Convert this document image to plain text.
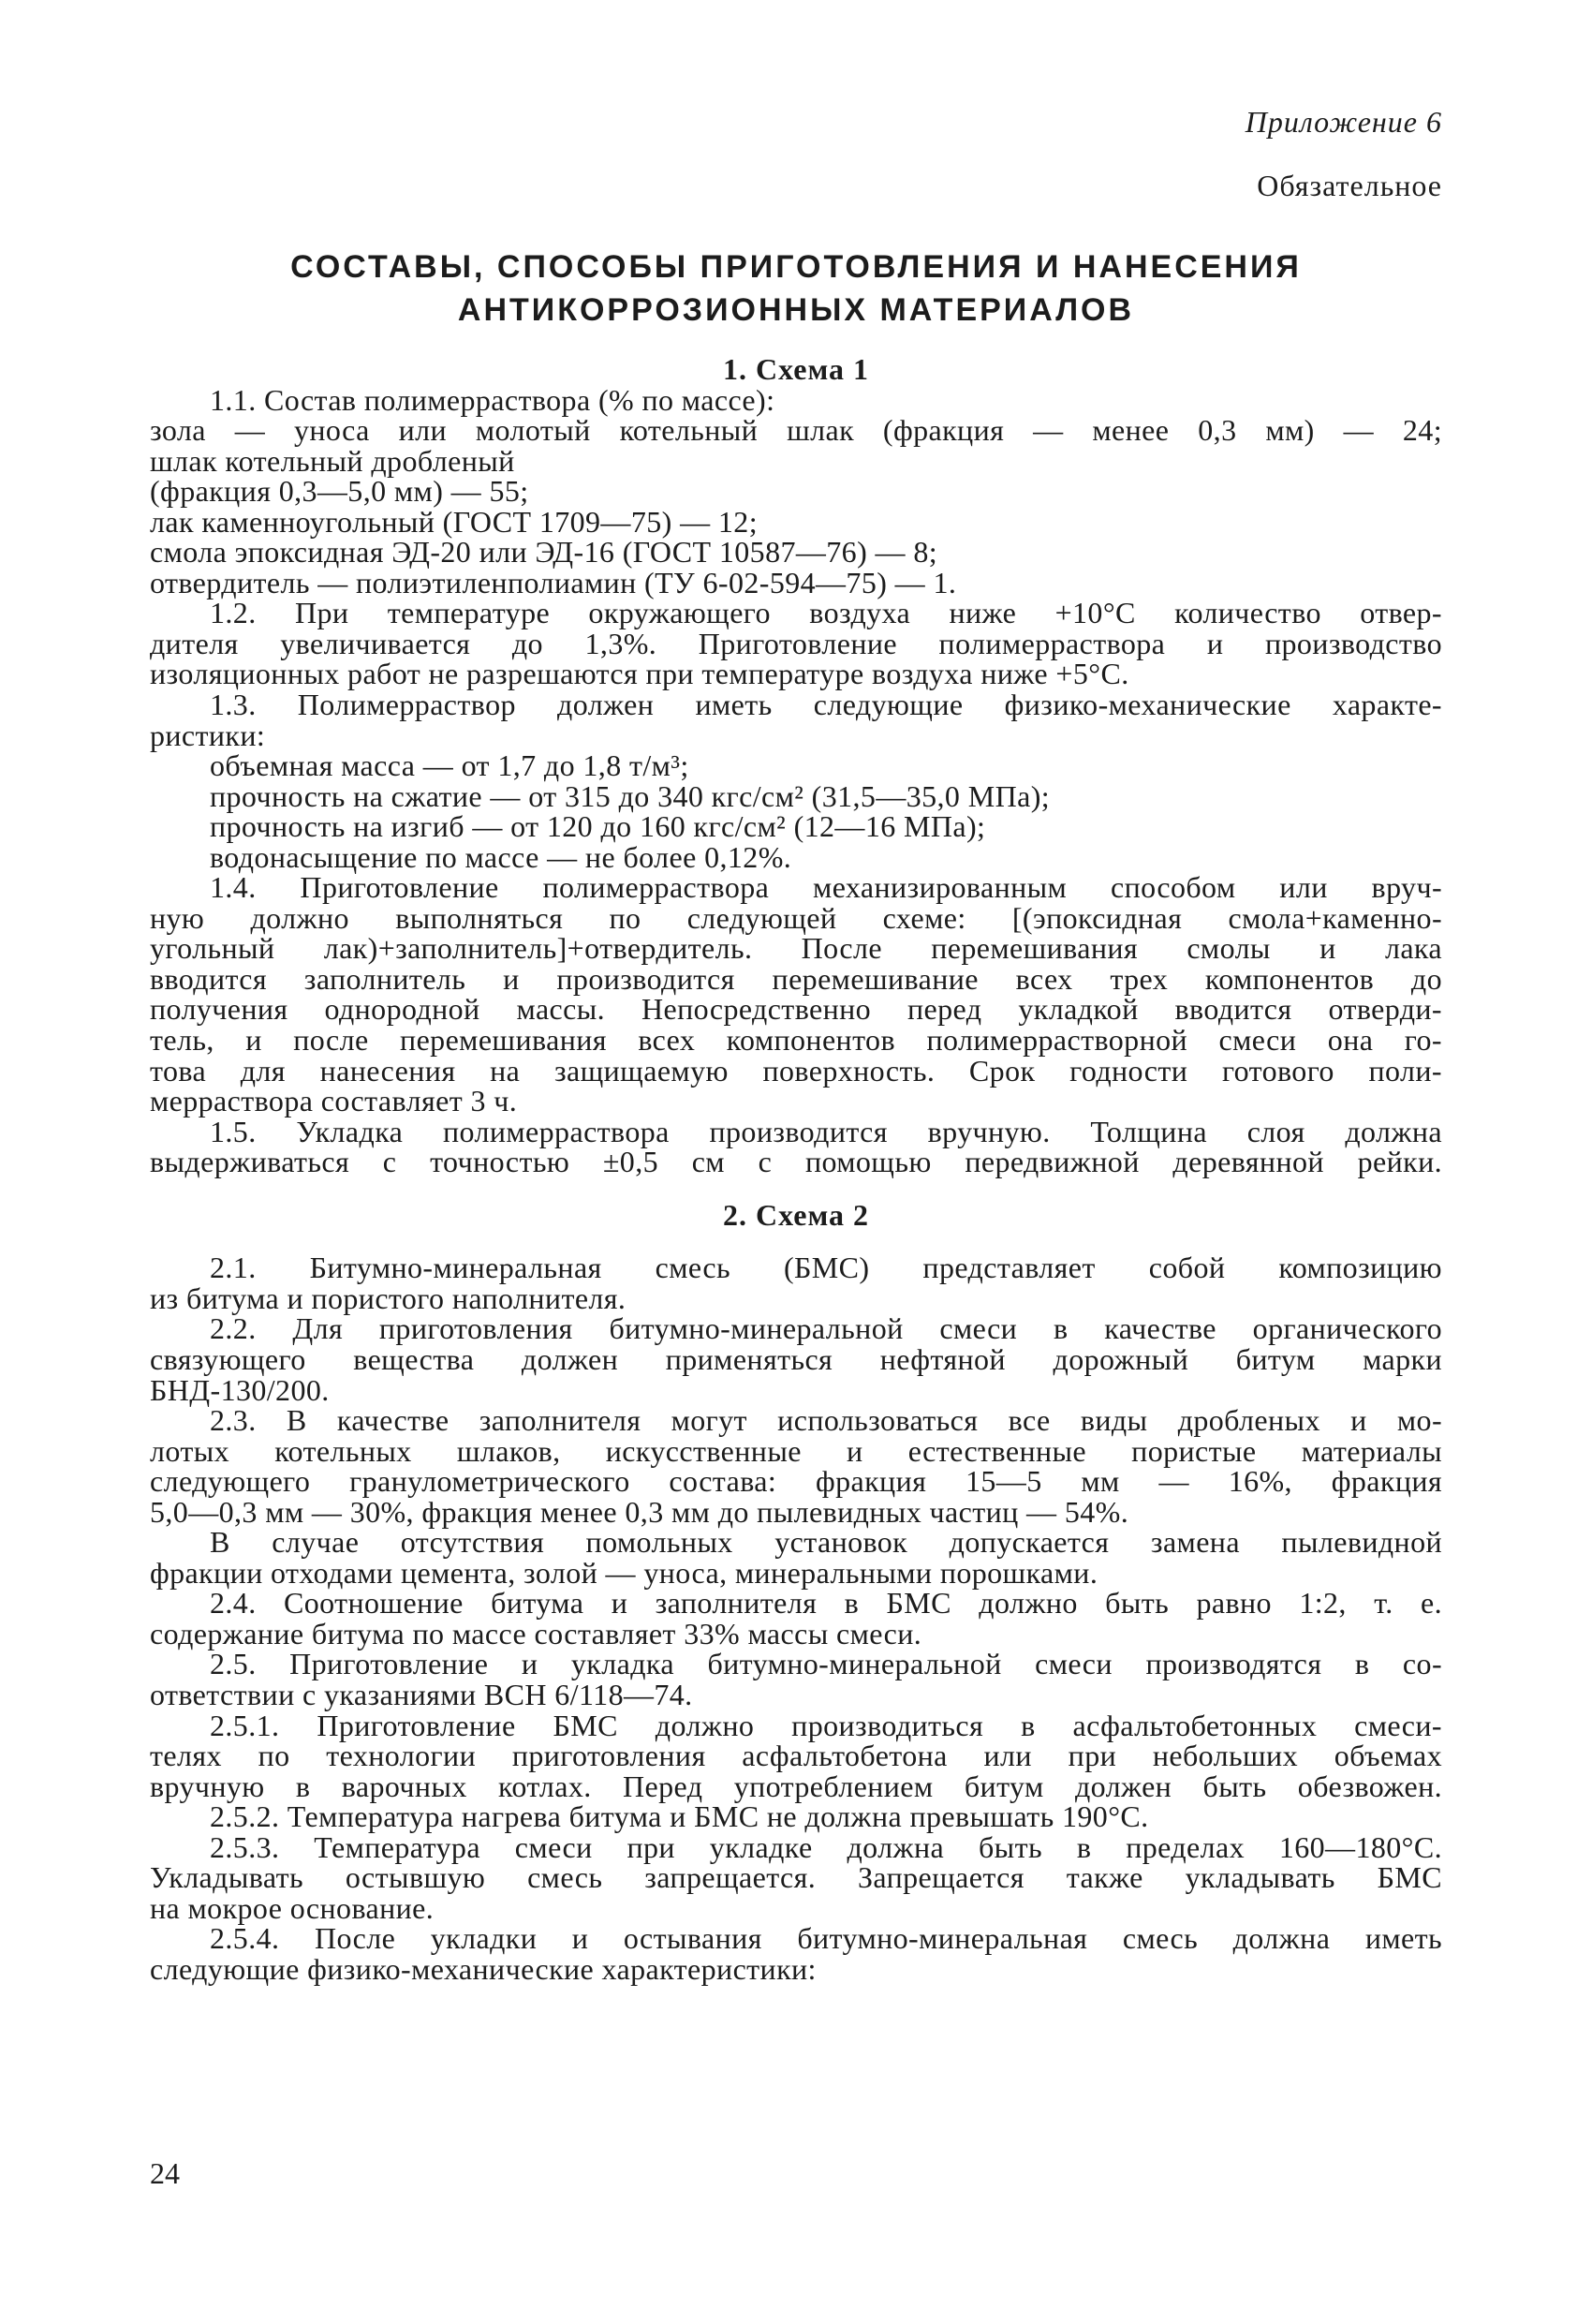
Приложение 6
Обязательное
СОСТАВЫ, СПОСОБЫ ПРИГОТОВЛЕНИЯ И НАНЕСЕНИЯ
АНТИКОРРОЗИОННЫХ МАТЕРИАЛОВ
1. Схема 1
1.1. Состав полимерраствора (% по массе):
зола — уноса или молотый котельный шлак (фракция — менее 0,3 мм) — 24;
шлак котельный дробленый
(фракция 0,3—5,0 мм) — 55;
лак каменноугольный (ГОСТ 1709—75) — 12;
смола эпоксидная ЭД-20 или ЭД-16 (ГОСТ 10587—76) — 8;
отвердитель — полиэтиленполиамин (ТУ 6-02-594—75) — 1.
1.2. При температуре окружающего воздуха ниже +10°С количество отвер-
дителя увеличивается до 1,3%. Приготовление полимерраствора и производство
изоляционных работ не разрешаются при температуре воздуха ниже +5°С.
1.3. Полимерраствор должен иметь следующие физико-механические характе-
ристики:
объемная масса — от 1,7 до 1,8 т/м³;
прочность на сжатие — от 315 до 340 кгс/см² (31,5—35,0 МПа);
прочность на изгиб — от 120 до 160 кгс/см² (12—16 МПа);
водонасыщение по массе — не более 0,12%.
1.4. Приготовление полимерраствора механизированным способом или вруч-
ную должно выполняться по следующей схеме: [(эпоксидная смола+каменно-
угольный лак)+заполнитель]+отвердитель. После перемешивания смолы и лака
вводится заполнитель и производится перемешивание всех трех компонентов до
получения однородной массы. Непосредственно перед укладкой вводится отверди-
тель, и после перемешивания всех компонентов полимеррастворной смеси она го-
това для нанесения на защищаемую поверхность. Срок годности готового поли-
мерраствора составляет 3 ч.
1.5. Укладка полимерраствора производится вручную. Толщина слоя должна
выдерживаться с точностью ±0,5 см с помощью передвижной деревянной рейки.
2. Схема 2
2.1. Битумно-минеральная смесь (БМС) представляет собой композицию
из битума и пористого наполнителя.
2.2. Для приготовления битумно-минеральной смеси в качестве органического
связующего вещества должен применяться нефтяной дорожный битум марки
БНД-130/200.
2.3. В качестве заполнителя могут использоваться все виды дробленых и мо-
лотых котельных шлаков, искусственные и естественные пористые материалы
следующего гранулометрического состава: фракция 15—5 мм — 16%, фракция
5,0—0,3 мм — 30%, фракция менее 0,3 мм до пылевидных частиц — 54%.
В случае отсутствия помольных установок допускается замена пылевидной
фракции отходами цемента, золой — уноса, минеральными порошками.
2.4. Соотношение битума и заполнителя в БМС должно быть равно 1:2, т. е.
содержание битума по массе составляет 33% массы смеси.
2.5. Приготовление и укладка битумно-минеральной смеси производятся в со-
ответствии с указаниями ВСН 6/118—74.
2.5.1. Приготовление БМС должно производиться в асфальтобетонных смеси-
телях по технологии приготовления асфальтобетона или при небольших объемах
вручную в варочных котлах. Перед употреблением битум должен быть обезвожен.
2.5.2. Температура нагрева битума и БМС не должна превышать 190°С.
2.5.3. Температура смеси при укладке должна быть в пределах 160—180°С.
Укладывать остывшую смесь запрещается. Запрещается также укладывать БМС
на мокрое основание.
2.5.4. После укладки и остывания битумно-минеральная смесь должна иметь
следующие физико-механические характеристики:
24
